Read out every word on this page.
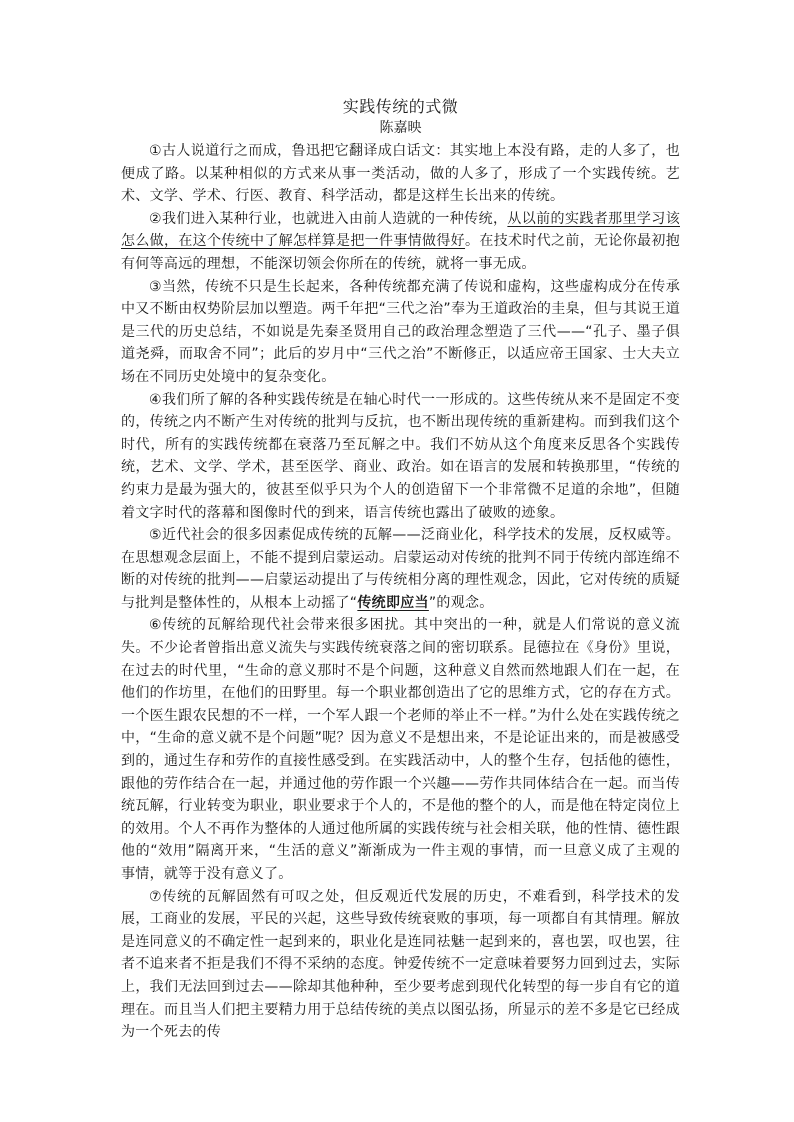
实践传统的式微
陈嘉映

①古人说道行之而成，鲁迅把它翻译成白话文：其实地上本没有路，走的人多了，也便成了路。以某种相似的方式来从事一类活动，做的人多了，形成了一个实践传统。艺术、文学、学术、行医、教育、科学活动，都是这样生长出来的传统。

②我们进入某种行业，也就进入由前人造就的一种传统，从以前的实践者那里学习该怎么做，在这个传统中了解怎样算是把一件事情做得好。在技术时代之前，无论你最初抱有何等高远的理想，不能深切领会你所在的传统，就将一事无成。

③当然，传统不只是生长起来，各种传统都充满了传说和虚构，这些虚构成分在传承中又不断由权势阶层加以塑造。两千年把“三代之治”奉为王道政治的圭臬，但与其说王道是三代的历史总结，不如说是先秦圣贤用自己的政治理念塑造了三代——“孔子、墨子俱道尧舜，而取舍不同”；此后的岁月中“三代之治”不断修正，以适应帝王国家、士大夫立场在不同历史处境中的复杂变化。

④我们所了解的各种实践传统是在轴心时代一一形成的。这些传统从来不是固定不变的，传统之内不断产生对传统的批判与反抗，也不断出现传统的重新建构。而到我们这个时代，所有的实践传统都在衰落乃至瓦解之中。我们不妨从这个角度来反思各个实践传统，艺术、文学、学术，甚至医学、商业、政治。如在语言的发展和转换那里，“传统的约束力是最为强大的，彼甚至似乎只为个人的创造留下一个非常微不足道的余地”，但随着文字时代的落幕和图像时代的到来，语言传统也露出了破败的迹象。

⑤近代社会的很多因素促成传统的瓦解——泛商业化，科学技术的发展，反权威等。在思想观念层面上，不能不提到启蒙运动。启蒙运动对传统的批判不同于传统内部连绵不断的对传统的批判——启蒙运动提出了与传统相分离的理性观念，因此，它对传统的质疑与批判是整体性的，从根本上动摇了“传统即应当”的观念。

⑥传统的瓦解给现代社会带来很多困扰。其中突出的一种，就是人们常说的意义流失。不少论者曾指出意义流失与实践传统衰落之间的密切联系。昆德拉在《身份》里说，在过去的时代里，“生命的意义那时不是个问题，这种意义自然而然地跟人们在一起，在他们的作坊里，在他们的田野里。每一个职业都创造出了它的思维方式，它的存在方式。一个医生跟农民想的不一样，一个军人跟一个老师的举止不一样。”为什么处在实践传统之中，“生命的意义就不是个问题”呢？因为意义不是想出来，不是论证出来的，而是被感受到的，通过生存和劳作的直接性感受到。在实践活动中，人的整个生存，包括他的德性，跟他的劳作结合在一起，并通过他的劳作跟一个兴趣——劳作共同体结合在一起。而当传统瓦解，行业转变为职业，职业要求于个人的，不是他的整个的人，而是他在特定岗位上的效用。个人不再作为整体的人通过他所属的实践传统与社会相关联，他的性情、德性跟他的“效用”隔离开来，“生活的意义”渐渐成为一件主观的事情，而一旦意义成了主观的事情，就等于没有意义了。

⑦传统的瓦解固然有可叹之处，但反观近代发展的历史，不难看到，科学技术的发展，工商业的发展，平民的兴起，这些导致传统衰败的事项，每一项都自有其情理。解放是连同意义的不确定性一起到来的，职业化是连同祛魅一起到来的，喜也罢，叹也罢，往者不追来者不拒是我们不得不采纳的态度。钟爱传统不一定意味着要努力回到过去，实际上，我们无法回到过去——除却其他种种，至少要考虑到现代化转型的每一步自有它的道理在。而且当人们把主要精力用于总结传统的美点以图弘扬，所显示的差不多是它已经成为一个死去的传
